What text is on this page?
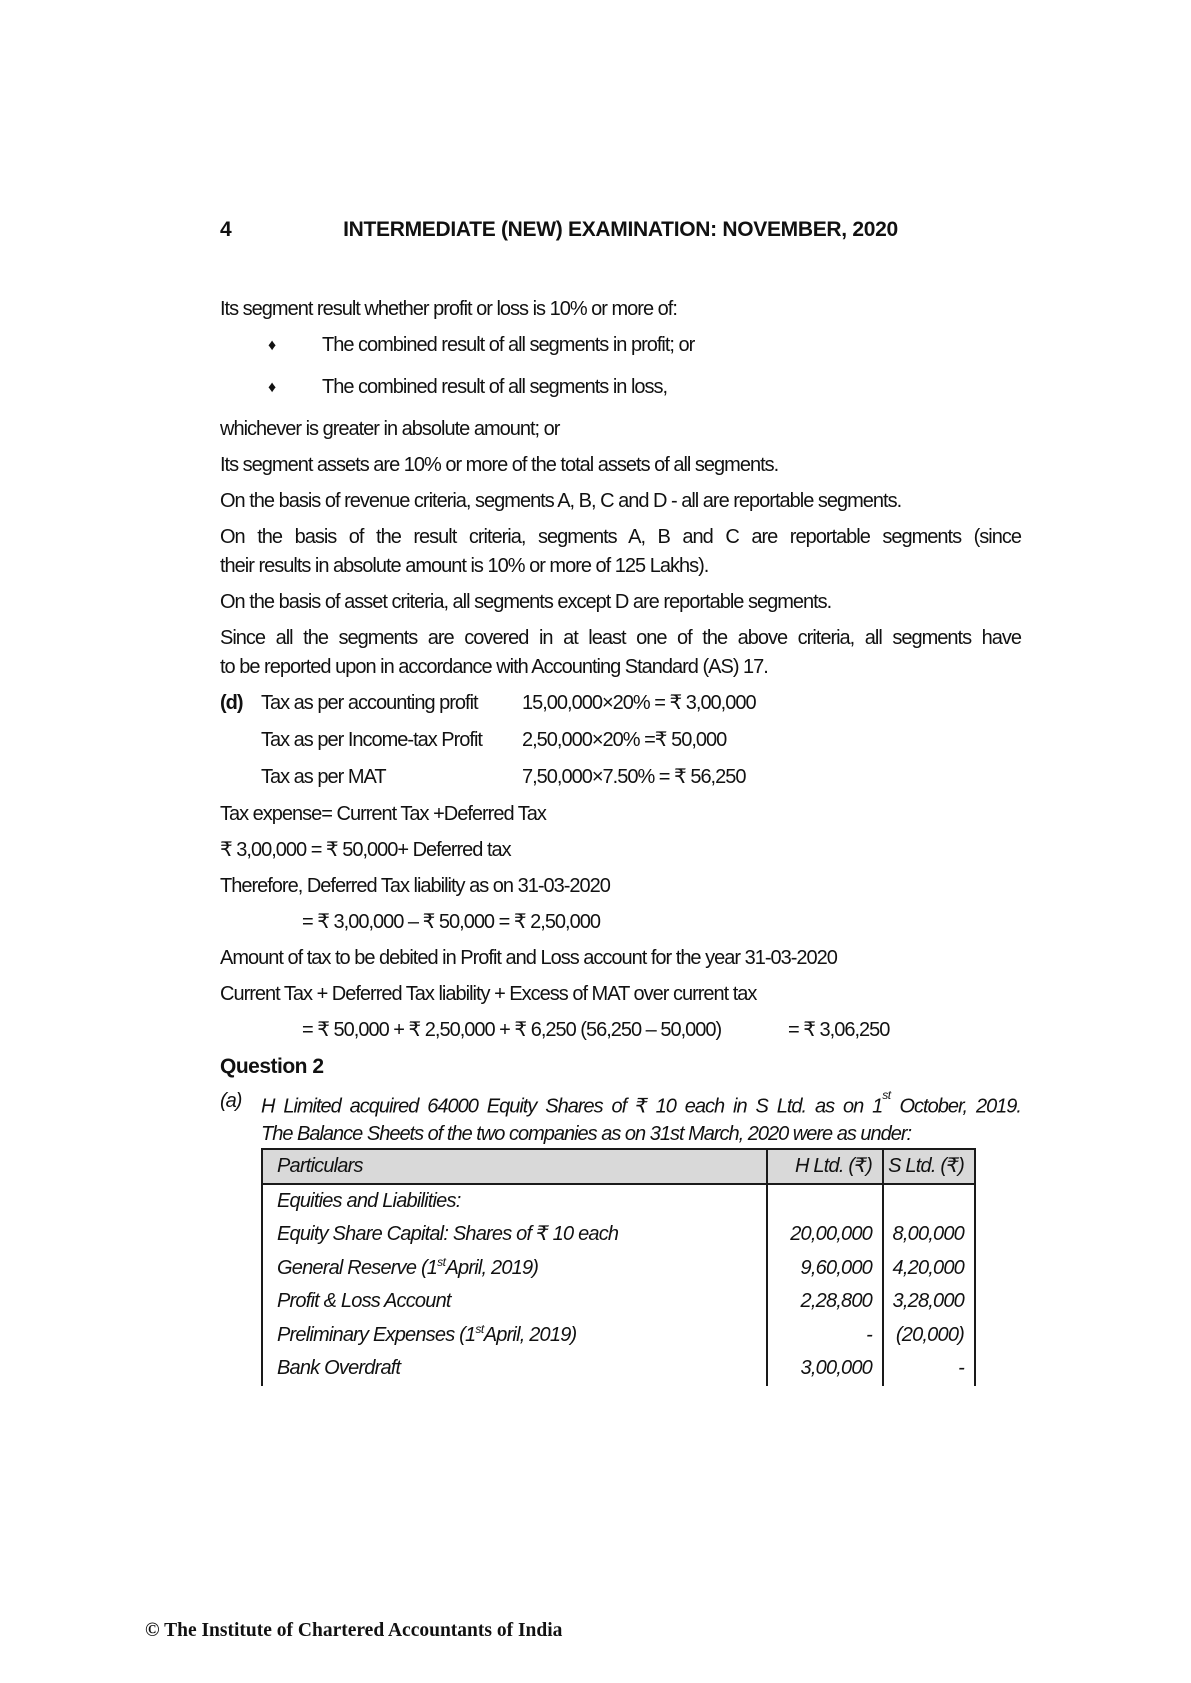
4	INTERMEDIATE (NEW) EXAMINATION: NOVEMBER, 2020

Its segment result whether profit or loss is 10% or more of:

♦	The combined result of all segments in profit; or
♦	The combined result of all segments in loss,

whichever is greater in absolute amount; or

Its segment assets are 10% or more of the total assets of all segments.

On the basis of revenue criteria, segments A, B, C and D - all are reportable segments.

On the basis of the result criteria, segments A, B and C are reportable segments (since

their results in absolute amount is 10% or more of 125 Lakhs).

On the basis of asset criteria, all segments except D are reportable segments.

Since all the segments are covered in at least one of the above criteria, all segments have

to be reported upon in accordance with Accounting Standard (AS) 17.

(d) Tax as per accounting profit	15,00,000×20% = ₹ 3,00,000
Tax as per Income-tax Profit	2,50,000×20% =₹ 50,000
Tax as per MAT	7,50,000×7.50% = ₹ 56,250

Tax expense= Current Tax +Deferred Tax

₹ 3,00,000 = ₹ 50,000+ Deferred tax

Therefore, Deferred Tax liability as on 31-03-2020

= ₹ 3,00,000 – ₹ 50,000 = ₹ 2,50,000

Amount of tax to be debited in Profit and Loss account for the year 31-03-2020

Current Tax + Deferred Tax liability + Excess of MAT over current tax

= ₹ 50,000 + ₹ 2,50,000 + ₹ 6,250 (56,250 – 50,000)	= ₹ 3,06,250

Question 2

(a) H Limited acquired 64000 Equity Shares of ₹ 10 each in S Ltd. as on 1st October, 2019.

The Balance Sheets of the two companies as on 31st March, 2020 were as under:

Particulars	H Ltd. (₹) S Ltd. (₹)
Equities and Liabilities:
Equity Share Capital: Shares of ₹ 10 each	20,00,000	8,00,000
General Reserve (1st April, 2019)	9,60,000	4,20,000
Profit & Loss Account	2,28,800	3,28,000
Preliminary Expenses (1st April, 2019)	-	(20,000)
Bank Overdraft	3,00,000	-

© The Institute of Chartered Accountants of India
